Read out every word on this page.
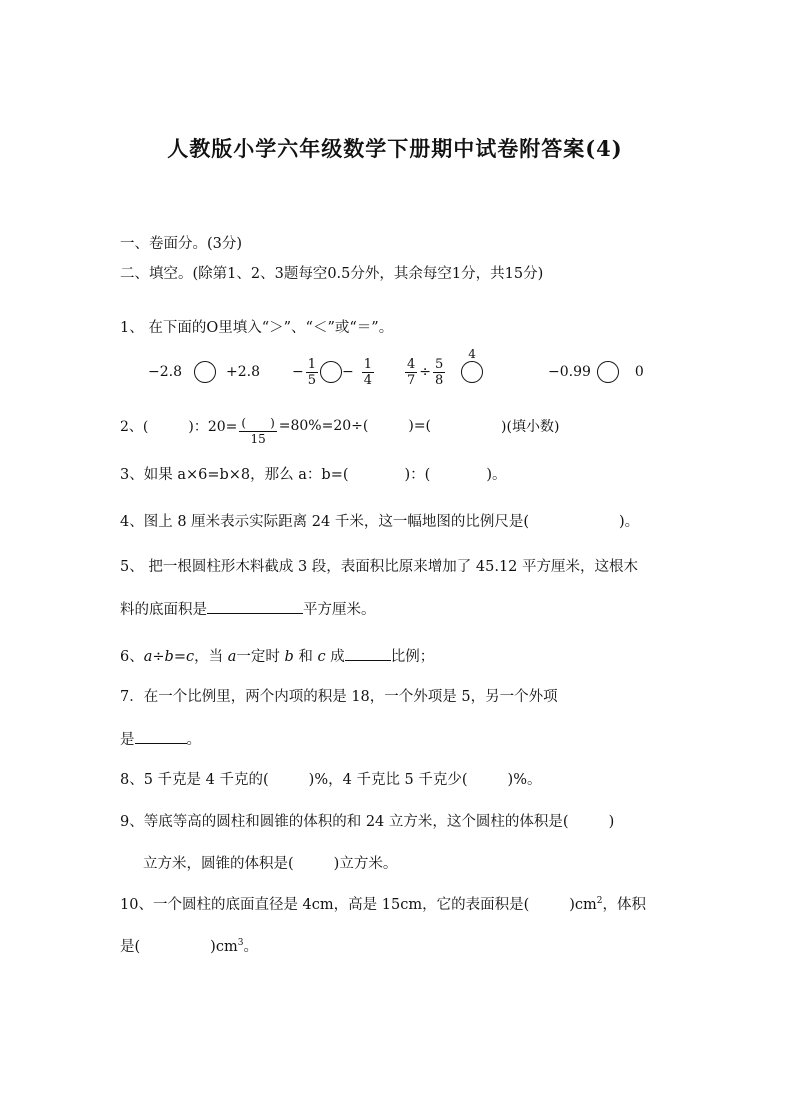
人教版小学六年级数学下册期中试卷附答案(4)
一、卷面分。(3分)
二、填空。(除第1、2、3题每空0.5分外，其余每空1分，共15分)
1、 在下面的O里填入“＞”、“＜”或“＝”。
−2.8	$+2.8 - \frac{1}{5} - \frac{1}{4} \frac{4}{7} \div \frac{5}{8}$
4
−0.99	0
2、(	)：$20= \frac{( )}{15} =80\%=20\div$(	)=(	)(填小数)
3、如果 a×6=b×8，那么 a：b=(	)：(	)。
4、图上 8 厘米表示实际距离 24 千米，这一幅地图的比例尺是(	)。
5、 把一根圆柱形木料截成 3 段，表面积比原来增加了 45.12 平方厘米，这根木
料的底面积是	平方厘米。
6、a÷b=c，当 a一定时 b 和 c 成	比例；
7．在一个比例里，两个内项的积是 18，一个外项是 5，另一个外项
是	。
8、5 千克是 4 千克的(	)%，4 千克比 5 千克少(	)%。
9、等底等高的圆柱和圆锥的体积的和 24 立方米，这个圆柱的体积是(	)
立方米，圆锥的体积是(	)立方米。
10、一个圆柱的底面直径是 4cm，高是 15cm，它的表面积是(	)$cm^2$，体积
是(	)$cm^3$。
